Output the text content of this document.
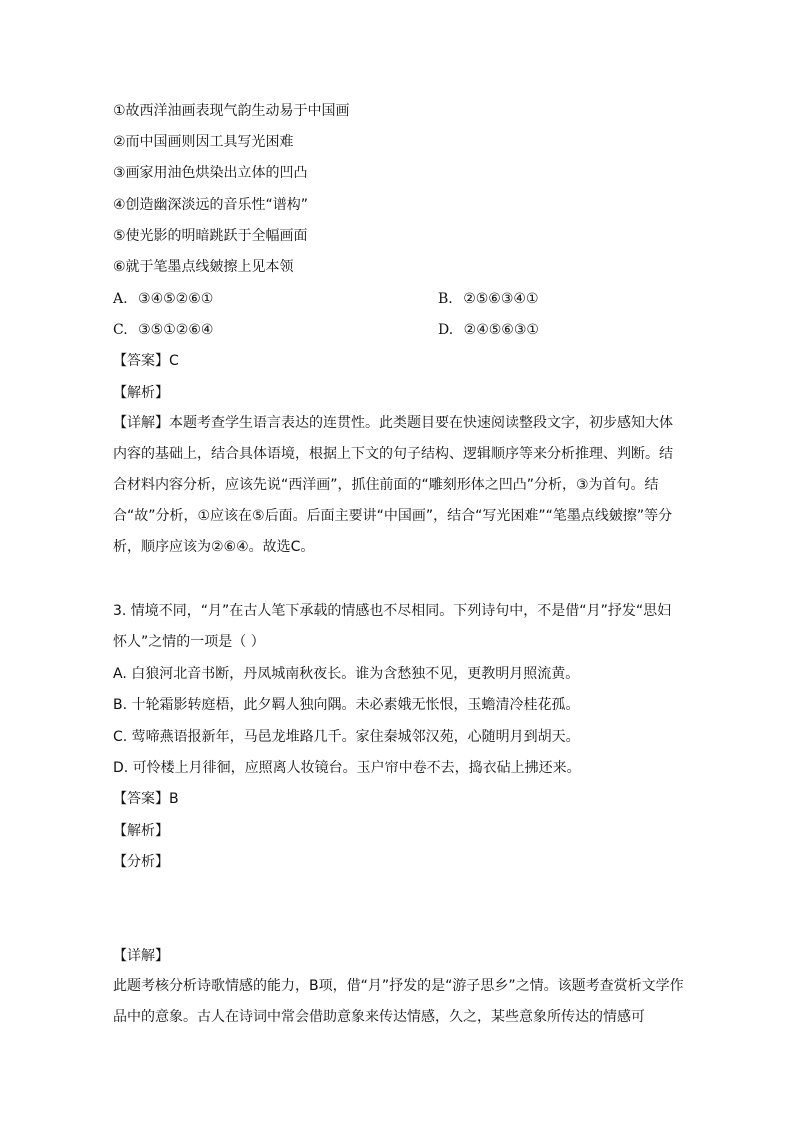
①故西洋油画表现气韵生动易于中国画
②而中国画则因工具写光困难
③画家用油色烘染出立体的凹凸
④创造幽深淡远的音乐性“谱构”
⑤使光影的明暗跳跃于全幅画面
⑥就于笔墨点线皴擦上见本领
A. ③④⑤②⑥①	B. ②⑤⑥③④①
C. ③⑤①②⑥④	D. ②④⑤⑥③①
【答案】C
【解析】
【详解】本题考查学生语言表达的连贯性。此类题目要在快速阅读整段文字，初步感知大体内容的基础上，结合具体语境，根据上下文的句子结构、逻辑顺序等来分析推理、判断。结合材料内容分析，应该先说“西洋画”，抓住前面的“雕刻形体之凹凸”分析，③为首句。结合“故”分析，①应该在⑤后面。后面主要讲“中国画”，结合“写光困难”“笔墨点线皴擦”等分析，顺序应该为②⑥④。故选C。
3. 情境不同，“月”在古人笔下承载的情感也不尽相同。下列诗句中，不是借“月”抒发“思妇怀人”之情的一项是（ ）
A. 白狼河北音书断，丹凤城南秋夜长。谁为含愁独不见，更教明月照流黄。
B. 十轮霜影转庭梧，此夕羁人独向隅。未必素娥无怅恨，玉蟾清冷桂花孤。
C. 莺啼燕语报新年，马邑龙堆路几千。家住秦城邻汉苑，心随明月到胡天。
D. 可怜楼上月徘徊，应照离人妆镜台。玉户帘中卷不去，捣衣砧上拂还来。
【答案】B
【解析】
【分析】
【详解】
此题考核分析诗歌情感的能力，B项，借“月”抒发的是“游子思乡”之情。该题考查赏析文学作品中的意象。古人在诗词中常会借助意象来传达情感，久之，某些意象所传达的情感可
